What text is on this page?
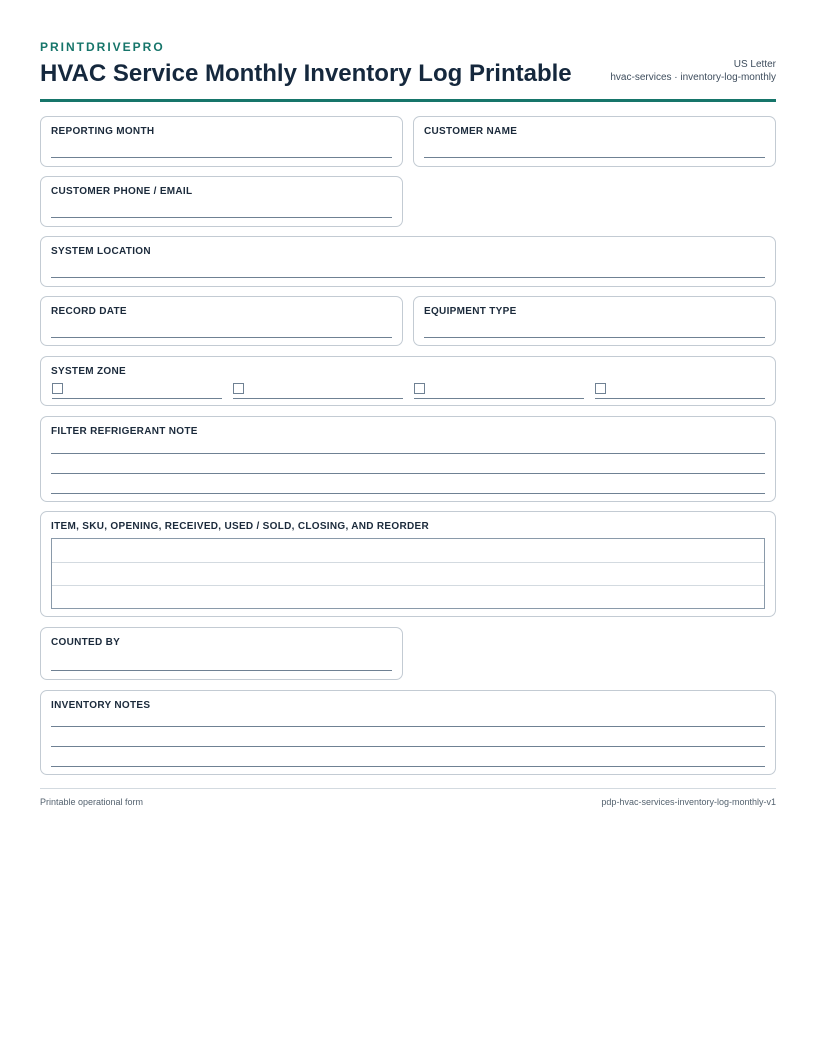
PRINTDRIVEPRO

HVAC Service Monthly Inventory Log Printable	US Letter
hvac-services · inventory-log-monthly
REPORTING MONTH	CUSTOMER NAME
CUSTOMER PHONE / EMAIL
SYSTEM LOCATION
RECORD DATE	EQUIPMENT TYPE
SYSTEM ZONE
FILTER REFRIGERANT NOTE
ITEM, SKU, OPENING, RECEIVED, USED / SOLD, CLOSING, AND REORDER
COUNTED BY
INVENTORY NOTES
Printable operational form	pdp-hvac-services-inventory-log-monthly-v1
